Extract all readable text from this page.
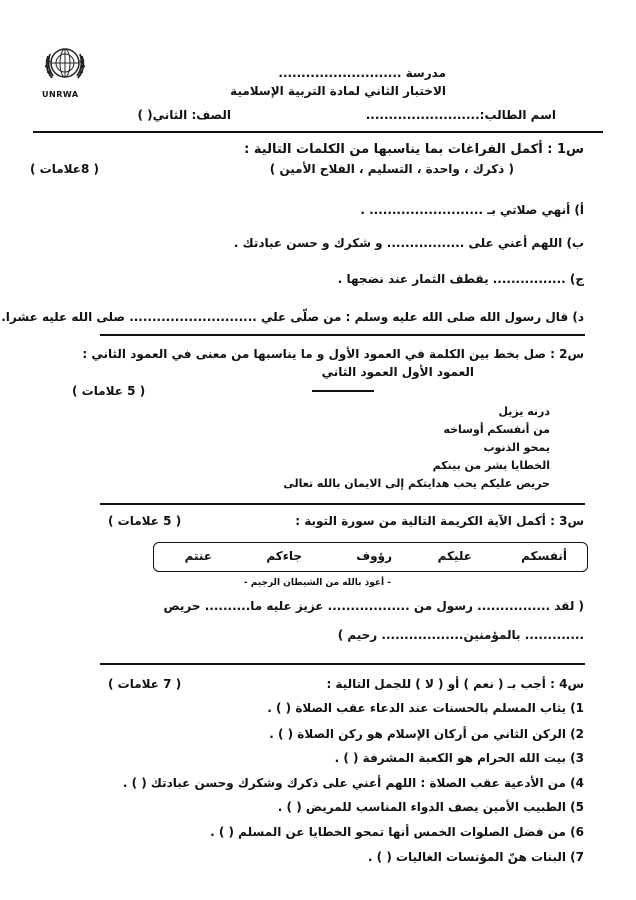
UNRWA
مدرسة ...........................
الاختبار الثاني لمادة التربية الإسلامية
اسم الطالب:.........................
الصف: الثاني( )
س1 : أكمل الفراغات بما يناسبها من الكلمات التالية :
( 8علامات )	( ذكرك ، واحدة ، التسليم ، الفلاح الأمين )
أ) أنهي صلاتي بـ ......................... .
ب) اللهم أعني على ................. و شكرك و حسن عبادتك .
ج) ................ يقطف الثمار عند نضجها .
د) قال رسول الله صلى الله عليه وسلم : من صلّى علي ............................ صلى الله عليه عشرا.
س2 : صل بخط بين الكلمة في العمود الأول و ما يناسبها من معنى في العمود الثاني :
العمود الأول العمود الثاني
( 5 علامات )
درنه يزيل
من أنفسكم أوساخه
يمحو الذنوب
الخطايا بشر من بينكم
حريص عليكم يحب هدايتكم إلى الايمان بالله تعالى
س3 : أكمل الآية الكريمة التالية من سورة التوبة :
( 5 علامات )
أنفسكم
عليكم
رؤوف
جاءكم
عنتم
- أعوذ بالله من الشيطان الرجيم -
( لقد ................ رسول من .................. عزيز عليه ما.......... حريص
............. بالمؤمنين.................. رحيم )
س4 : أجب بـ ( نعم ) أو ( لا ) للجمل التالية :
( 7 علامات )
1) يثاب المسلم بالحسنات عند الدعاء عقب الصلاة ( ) .
2) الركن الثاني من أركان الإسلام هو ركن الصلاة ( ) .
3) بيت الله الحرام هو الكعبة المشرفة ( ) .
4) من الأدعية عقب الصلاة : اللهم أعني على ذكرك وشكرك وحسن عبادتك ( ) .
5) الطبيب الأمين يصف الدواء المناسب للمريض ( ) .
6) من فضل الصلوات الخمس أنها تمحو الخطايا عن المسلم ( ) .
7) البنات هنّ المؤنسات الغاليات ( ) .
